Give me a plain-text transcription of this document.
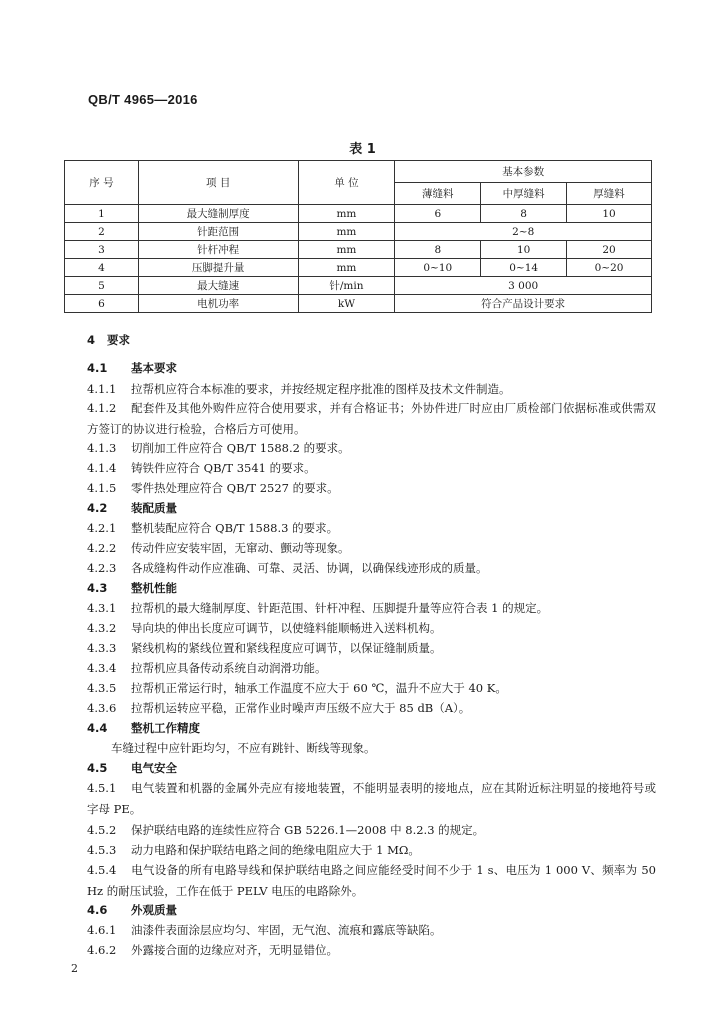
QB/T 4965—2016
表 1
序 号	项 目	单 位	基本参数		
			薄缝料	中厚缝料	厚缝料
1	最大缝制厚度	mm	6	8	10
2	针距范围	mm	2~8		
3	针杆冲程	mm	8	10	20
4	压脚提升量	mm	0~10	0~14	0~20
5	最大缝速	针/min	3 000		
6	电机功率	kW	符合产品设计要求		
4 要求
4.1 基本要求
4.1.1 拉帮机应符合本标准的要求，并按经规定程序批准的图样及技术文件制造。
4.1.2 配套件及其他外购件应符合使用要求，并有合格证书；外协件进厂时应由厂质检部门依据标准或供需双方签订的协议进行检验，合格后方可使用。
4.1.3 切削加工件应符合 QB/T 1588.2 的要求。
4.1.4 铸铁件应符合 QB/T 3541 的要求。
4.1.5 零件热处理应符合 QB/T 2527 的要求。
4.2 装配质量
4.2.1 整机装配应符合 QB/T 1588.3 的要求。
4.2.2 传动件应安装牢固，无窜动、颤动等现象。
4.2.3 各成缝构件动作应准确、可靠、灵活、协调，以确保线迹形成的质量。
4.3 整机性能
4.3.1 拉帮机的最大缝制厚度、针距范围、针杆冲程、压脚提升量等应符合表 1 的规定。
4.3.2 导向块的伸出长度应可调节，以使缝料能顺畅进入送料机构。
4.3.3 紧线机构的紧线位置和紧线程度应可调节，以保证缝制质量。
4.3.4 拉帮机应具备传动系统自动润滑功能。
4.3.5 拉帮机正常运行时，轴承工作温度不应大于 60 ℃，温升不应大于 40 K。
4.3.6 拉帮机运转应平稳，正常作业时噪声声压级不应大于 85 dB（A）。
4.4 整机工作精度
车缝过程中应针距均匀，不应有跳针、断线等现象。
4.5 电气安全
4.5.1 电气装置和机器的金属外壳应有接地装置，不能明显表明的接地点，应在其附近标注明显的接地符号或字母 PE。
4.5.2 保护联结电路的连续性应符合 GB 5226.1—2008 中 8.2.3 的规定。
4.5.3 动力电路和保护联结电路之间的绝缘电阻应大于 1 MΩ。
4.5.4 电气设备的所有电路导线和保护联结电路之间应能经受时间不少于 1 s、电压为 1 000 V、频率为 50 Hz 的耐压试验，工作在低于 PELV 电压的电路除外。
4.6 外观质量
4.6.1 油漆件表面涂层应均匀、牢固，无气泡、流痕和露底等缺陷。
4.6.2 外露接合面的边缘应对齐，无明显错位。
2
